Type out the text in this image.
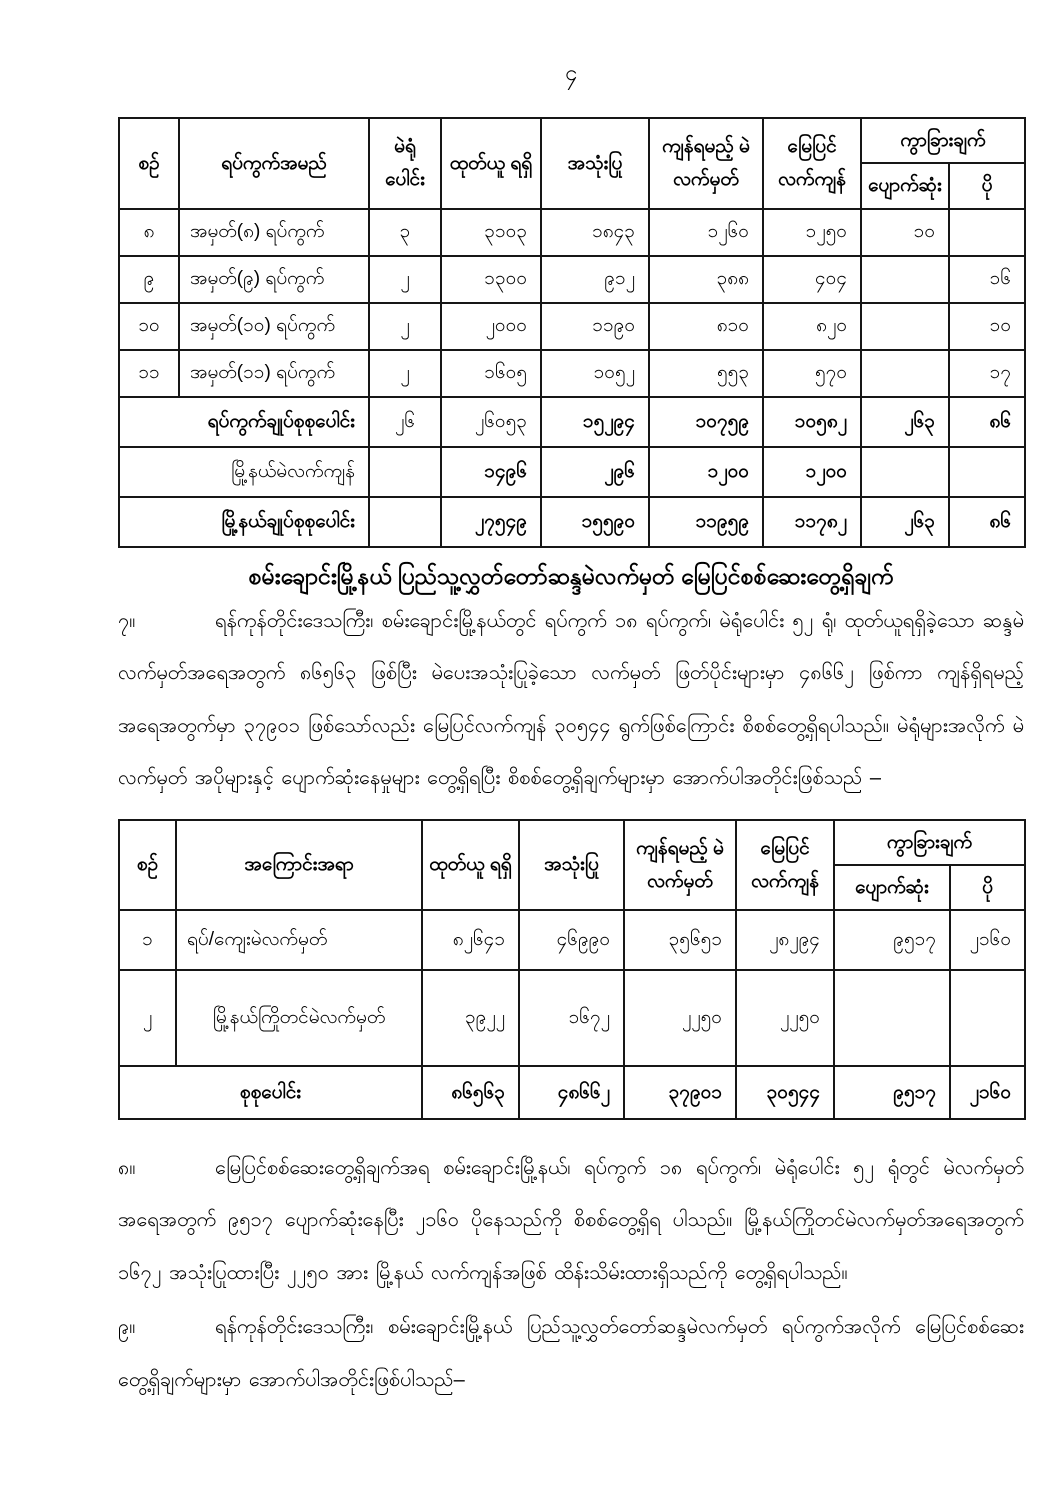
၄
စဉ်	ရပ်ကွက်အမည်	မဲရုံ ပေါင်း	ထုတ်ယူ ရရှိ	အသုံးပြု	ကျန်ရမည့် မဲလက်မှတ်	မြေပြင် လက်ကျန်	ကွာခြားချက်	
							ပျောက်ဆုံး	ပို
၈	အမှတ်(၈) ရပ်ကွက်	၃	၃၁၀၃	၁၈၄၃	၁၂၆၀	၁၂၅၀	၁၀	
၉	အမှတ်(၉) ရပ်ကွက်	၂	၁၃၀၀	၉၁၂	၃၈၈	၄၀၄		၁၆
၁၀	အမှတ်(၁၀) ရပ်ကွက်	၂	၂၀၀၀	၁၁၉၀	၈၁၀	၈၂၀		၁၀
၁၁	အမှတ်(၁၁) ရပ်ကွက်	၂	၁၆၀၅	၁၀၅၂	၅၅၃	၅၇၀		၁၇
ရပ်ကွက်ချုပ်စုစုပေါင်း		၂၆	၂၆၀၅၃	၁၅၂၉၄	၁၀၇၅၉	၁၀၅၈၂	၂၆၃	၈၆
မြို့နယ်မဲလက်ကျန်			၁၄၉၆	၂၉၆	၁၂၀၀	၁၂၀၀		
မြို့နယ်ချုပ်စုစုပေါင်း			၂၇၅၄၉	၁၅၅၉၀	၁၁၉၅၉	၁၁၇၈၂	၂၆၃	၈၆
စမ်းချောင်းမြို့နယ် ပြည်သူ့လွှတ်တော်ဆန္ဒမဲလက်မှတ် မြေပြင်စစ်ဆေးတွေ့ရှိချက်

၇။	ရန်ကုန်တိုင်းဒေသကြီး၊ စမ်းချောင်းမြို့နယ်တွင် ရပ်ကွက် ၁၈ ရပ်ကွက်၊ မဲရုံပေါင်း ၅၂ ရုံ၊ ထုတ်ယူရရှိခဲ့သော ဆန္ဒမဲလက်မှတ်အရေအတွက် ၈၆၅၆၃ ဖြစ်ပြီး မဲပေးအသုံးပြုခဲ့သော လက်မှတ် ဖြတ်ပိုင်းများမှာ ၄၈၆၆၂ ဖြစ်ကာ ကျန်ရှိရမည့်အရေအတွက်မှာ ၃၇၉၀၁ ဖြစ်သော်လည်း မြေပြင်လက်ကျန် ၃၀၅၄၄ ရွက်ဖြစ်ကြောင်း စိစစ်တွေ့ရှိရပါသည်။ မဲရုံများအလိုက် မဲလက်မှတ် အပိုများနှင့် ပျောက်ဆုံးနေမှုများ တွေ့ရှိရပြီး စိစစ်တွေ့ရှိချက်များမှာ အောက်ပါအတိုင်းဖြစ်သည် –

စဉ်	အကြောင်းအရာ	ထုတ်ယူ ရရှိ	အသုံးပြု	ကျန်ရမည့် မဲလက်မှတ်	မြေပြင် လက်ကျန်	ကွာခြားချက်	
						ပျောက်ဆုံး	ပို
၁	ရပ်/ကျေးမဲလက်မှတ်	၈၂၆၄၁	၄၆၉၉၀	၃၅၆၅၁	၂၈၂၉၄	၉၅၁၇	၂၁၆၀
၂	မြို့နယ်ကြိုတင်မဲလက်မှတ်	၃၉၂၂	၁၆၇၂	၂၂၅၀	၂၂၅၀		
စုစုပေါင်း		၈၆၅၆၃	၄၈၆၆၂	၃၇၉၀၁	၃၀၅၄၄	၉၅၁၇	၂၁၆၀

၈။	မြေပြင်စစ်ဆေးတွေ့ရှိချက်အရ စမ်းချောင်းမြို့နယ်၊ ရပ်ကွက် ၁၈ ရပ်ကွက်၊ မဲရုံပေါင်း ၅၂ ရုံတွင် မဲလက်မှတ်အရေအတွက် ၉၅၁၇ ပျောက်ဆုံးနေပြီး ၂၁၆၀ ပိုနေသည်ကို စိစစ်တွေ့ရှိရ ပါသည်။ မြို့နယ်ကြိုတင်မဲလက်မှတ်အရေအတွက် ၁၆၇၂ အသုံးပြုထားပြီး ၂၂၅၀ အား မြို့နယ် လက်ကျန်အဖြစ် ထိန်းသိမ်းထားရှိသည်ကို တွေ့ရှိရပါသည်။

၉။	ရန်ကုန်တိုင်းဒေသကြီး၊ စမ်းချောင်းမြို့နယ် ပြည်သူ့လွှတ်တော်ဆန္ဒမဲလက်မှတ် ရပ်ကွက်အလိုက် မြေပြင်စစ်ဆေးတွေ့ရှိချက်များမှာ အောက်ပါအတိုင်းဖြစ်ပါသည်–
